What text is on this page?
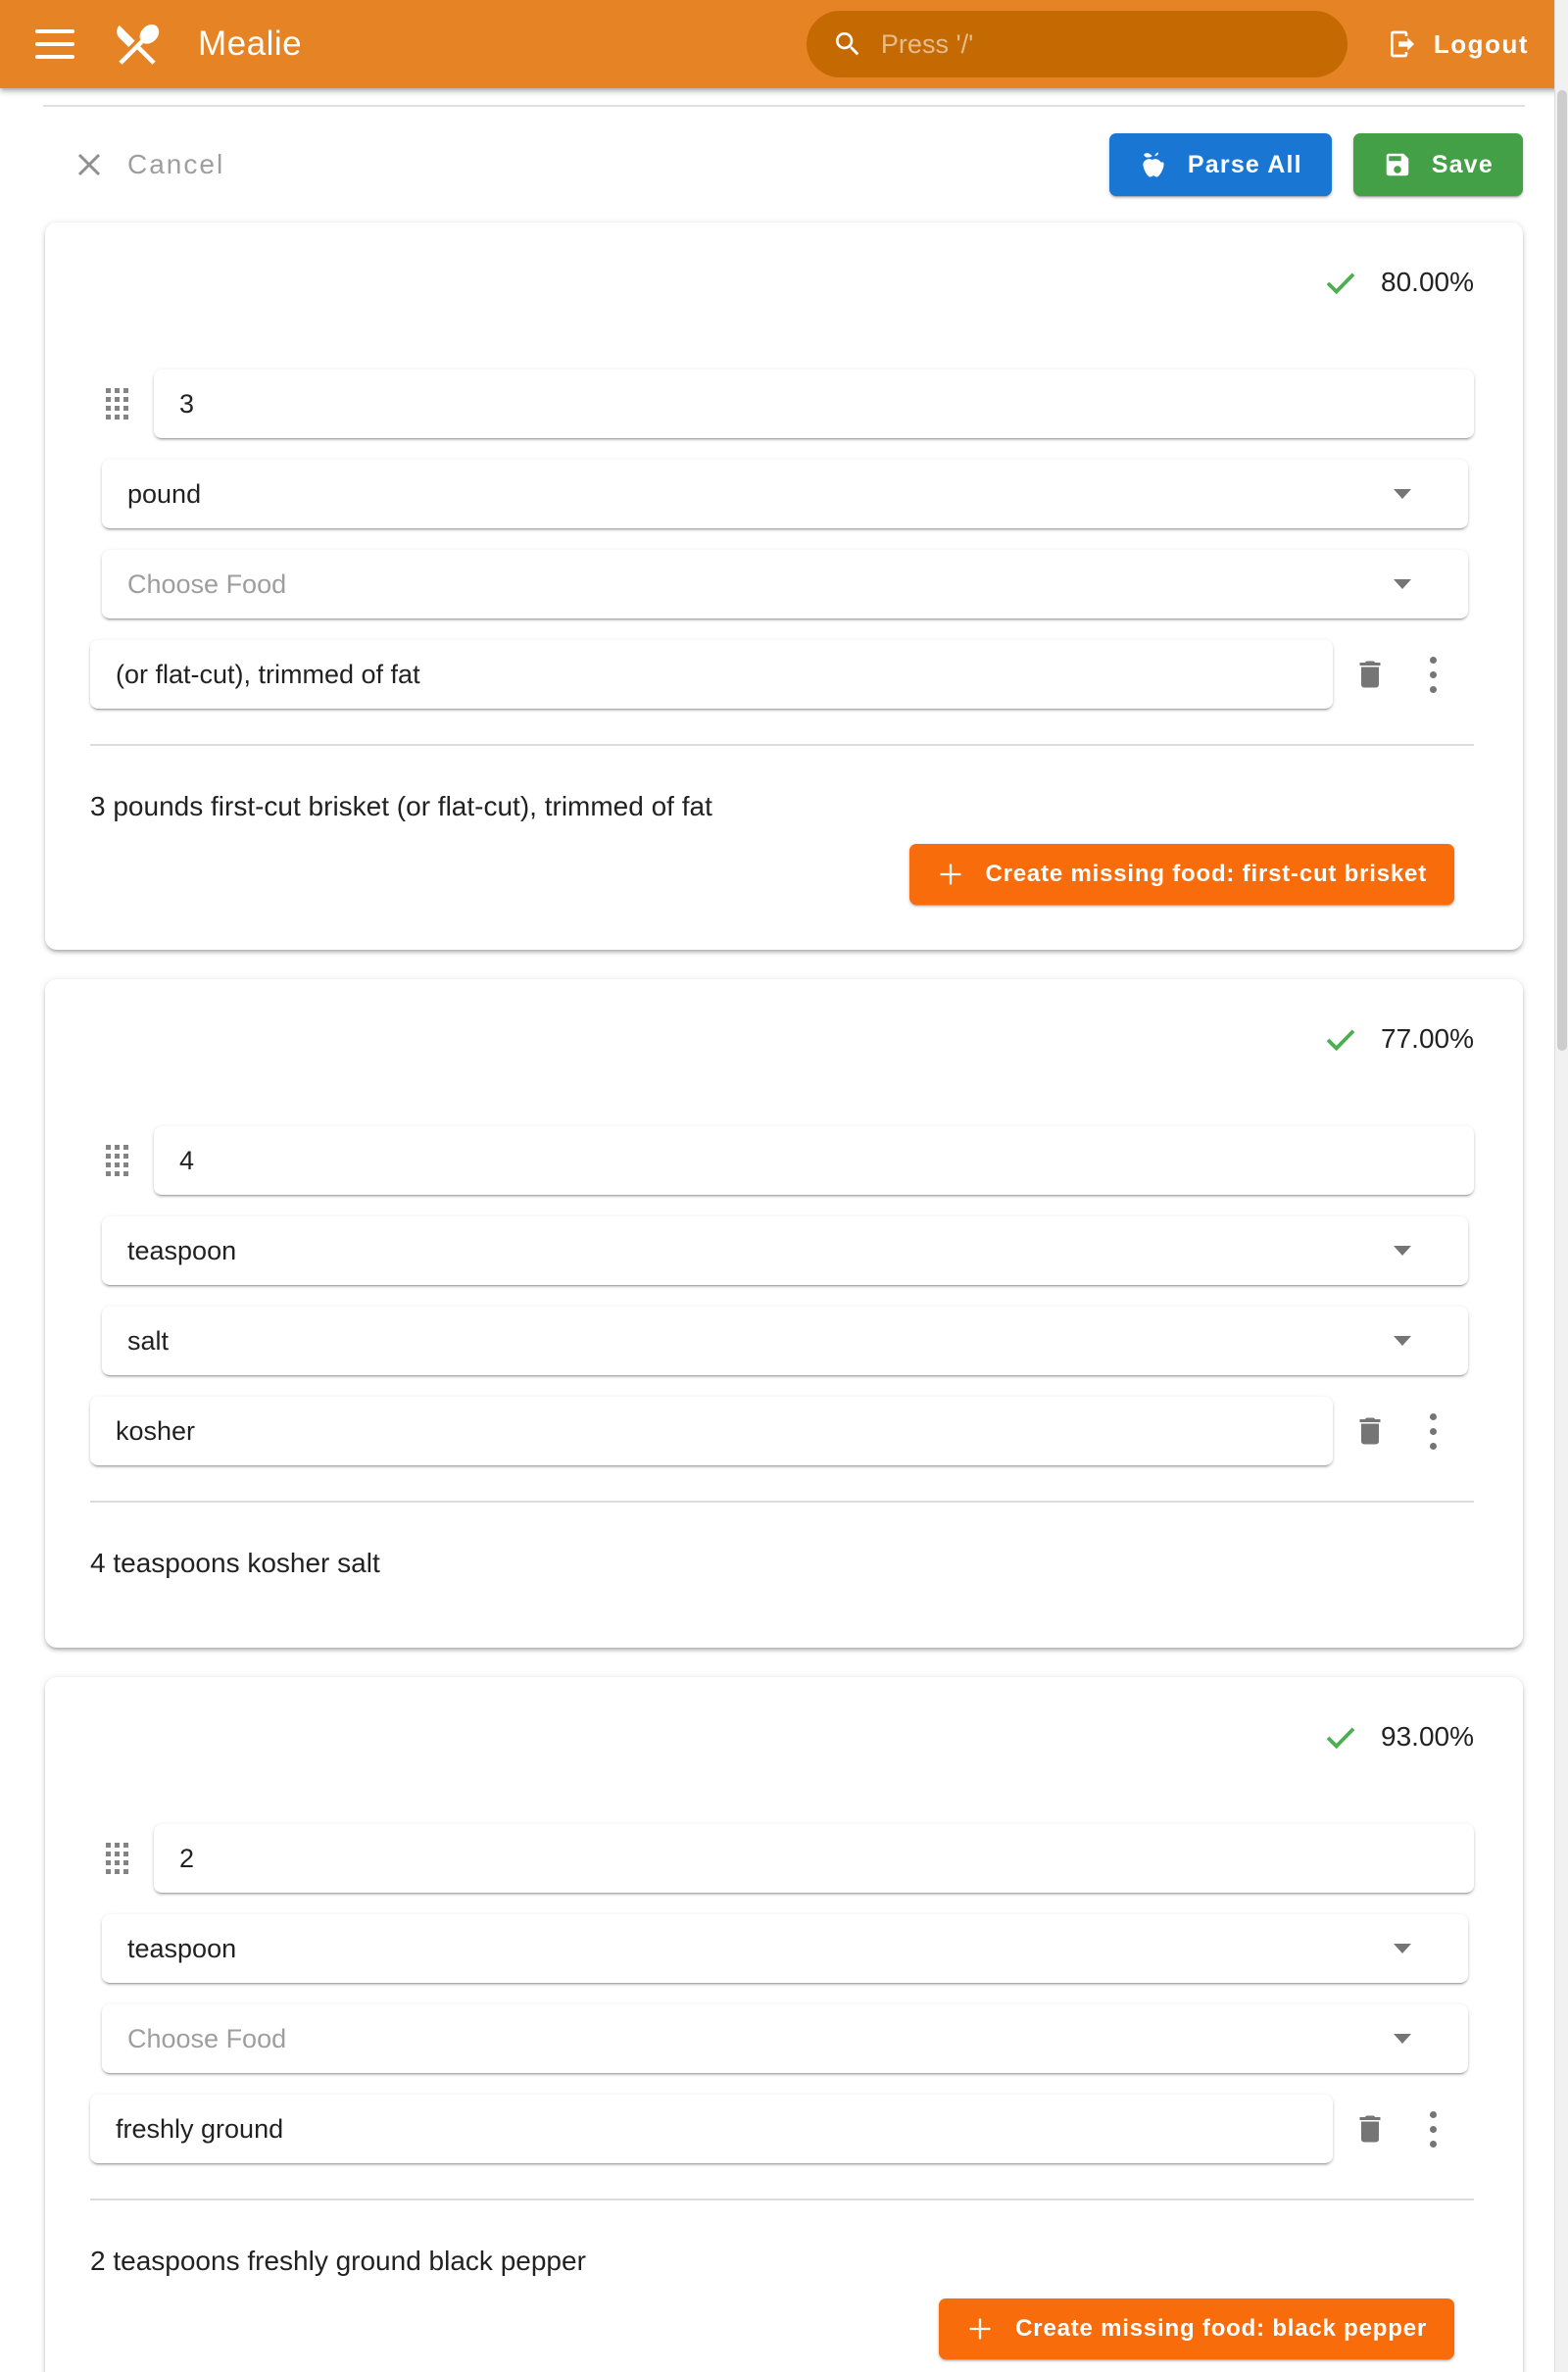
Mealie
Press '/'	Logout
Cancel	Parse All	Save
80.00%
3
pound
Choose Food
(or flat-cut), trimmed of fat

3 pounds first-cut brisket (or flat-cut), trimmed of fat

Create missing food: first-cut brisket
77.00%
4
teaspoon
salt
kosher

4 teaspoons kosher salt

93.00%
2
teaspoon
Choose Food
freshly ground

2 teaspoons freshly ground black pepper

Create missing food: black pepper
